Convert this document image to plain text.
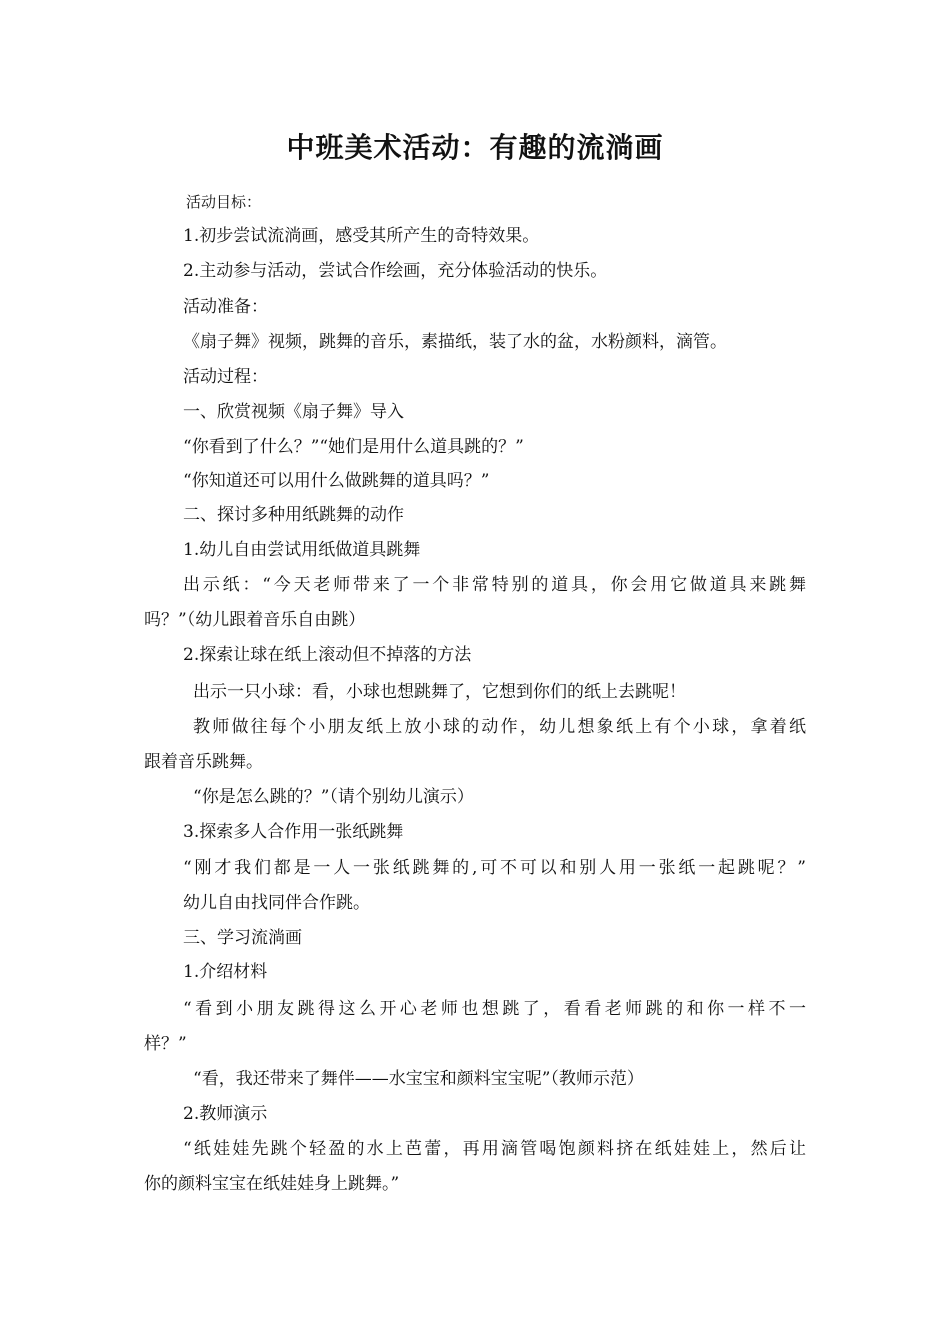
中班美术活动：有趣的流淌画
活动目标：
1.初步尝试流淌画，感受其所产生的奇特效果。
2.主动参与活动，尝试合作绘画，充分体验活动的快乐。
活动准备：
《扇子舞》视频，跳舞的音乐，素描纸，装了水的盆，水粉颜料，滴管。
活动过程：
一、欣赏视频《扇子舞》导入
“你看到了什么？”“她们是用什么道具跳的？”
“你知道还可以用什么做跳舞的道具吗？”
二、探讨多种用纸跳舞的动作
1.幼儿自由尝试用纸做道具跳舞
出示纸：“今天老师带来了一个非常特别的道具，你会用它做道具来跳舞
吗？”（幼儿跟着音乐自由跳）
2.探索让球在纸上滚动但不掉落的方法
出示一只小球：看，小球也想跳舞了，它想到你们的纸上去跳呢！
教师做往每个小朋友纸上放小球的动作，幼儿想象纸上有个小球，拿着纸
跟着音乐跳舞。
“你是怎么跳的？”（请个别幼儿演示）
3.探索多人合作用一张纸跳舞
“刚才我们都是一人一张纸跳舞的,可不可以和别人用一张纸一起跳呢？”
幼儿自由找同伴合作跳。
三、学习流淌画
1.介绍材料
“看到小朋友跳得这么开心老师也想跳了，看看老师跳的和你一样不一
样？”
“看，我还带来了舞伴——水宝宝和颜料宝宝呢”（教师示范）
2.教师演示
“纸娃娃先跳个轻盈的水上芭蕾，再用滴管喝饱颜料挤在纸娃娃上，然后让
你的颜料宝宝在纸娃娃身上跳舞。”
